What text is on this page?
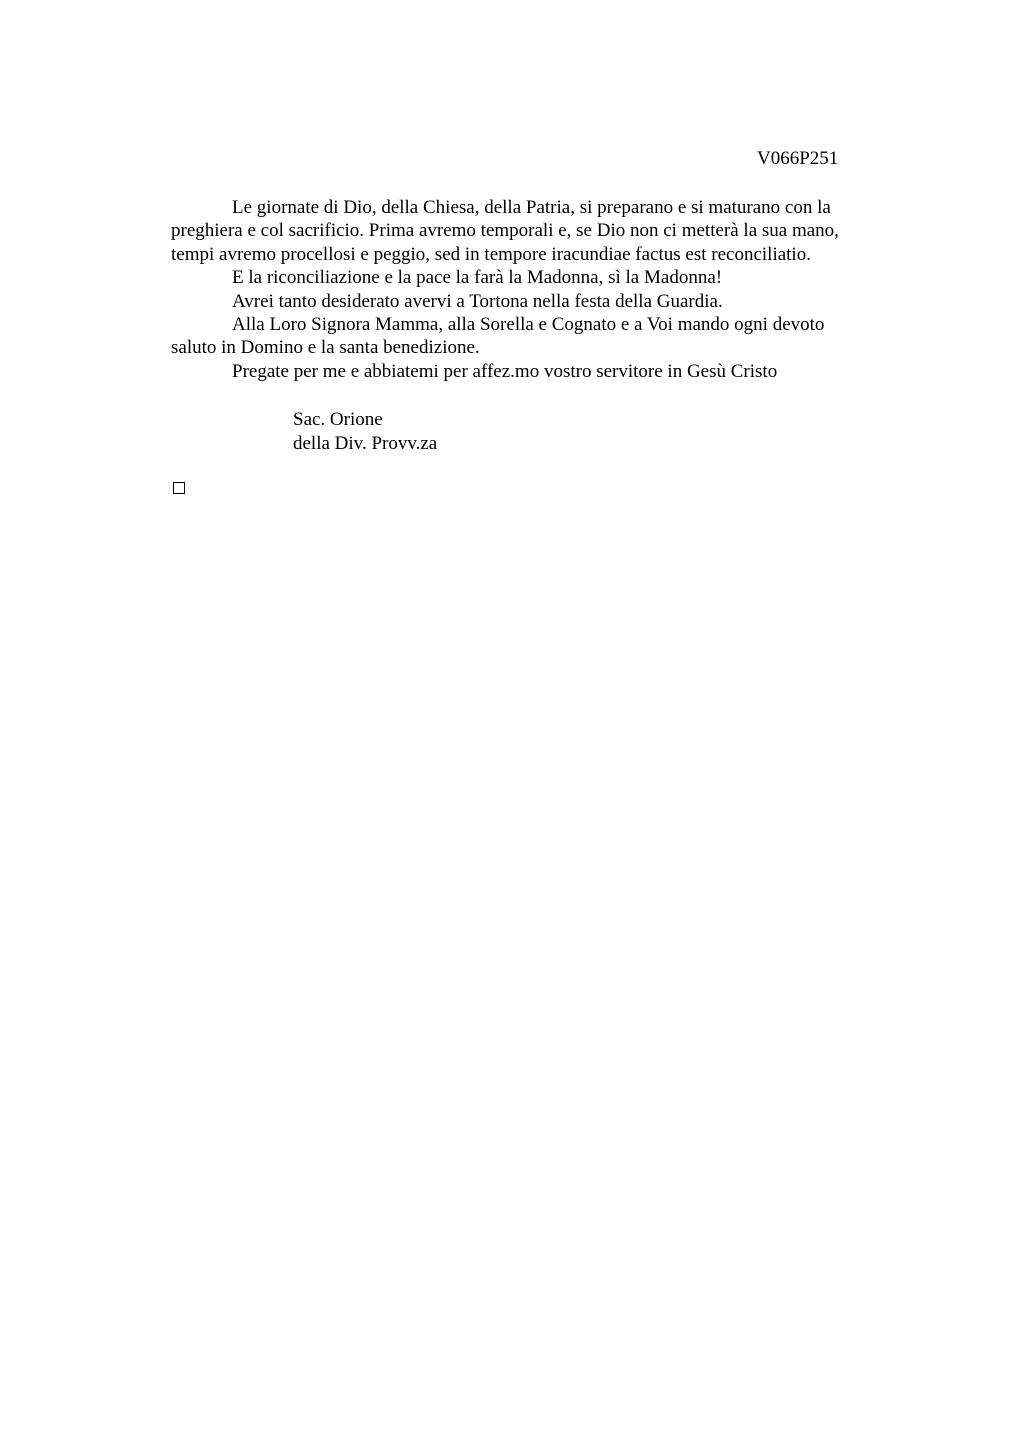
V066P251

Le giornate di Dio, della Chiesa, della Patria, si preparano e si maturano con la
preghiera e col sacrificio. Prima avremo temporali e, se Dio non ci metterà la sua mano,
tempi avremo procellosi e peggio, sed in tempore iracundiae factus est reconciliatio.

E la riconciliazione e la pace la farà la Madonna, sì la Madonna!

Avrei tanto desiderato avervi a Tortona nella festa della Guardia.

Alla Loro Signora Mamma, alla Sorella e Cognato e a Voi mando ogni devoto
saluto in Domino e la santa benedizione.

Pregate per me e abbiatemi per affez.mo vostro servitore in Gesù Cristo

Sac. Orione
della Div. Provv.za
